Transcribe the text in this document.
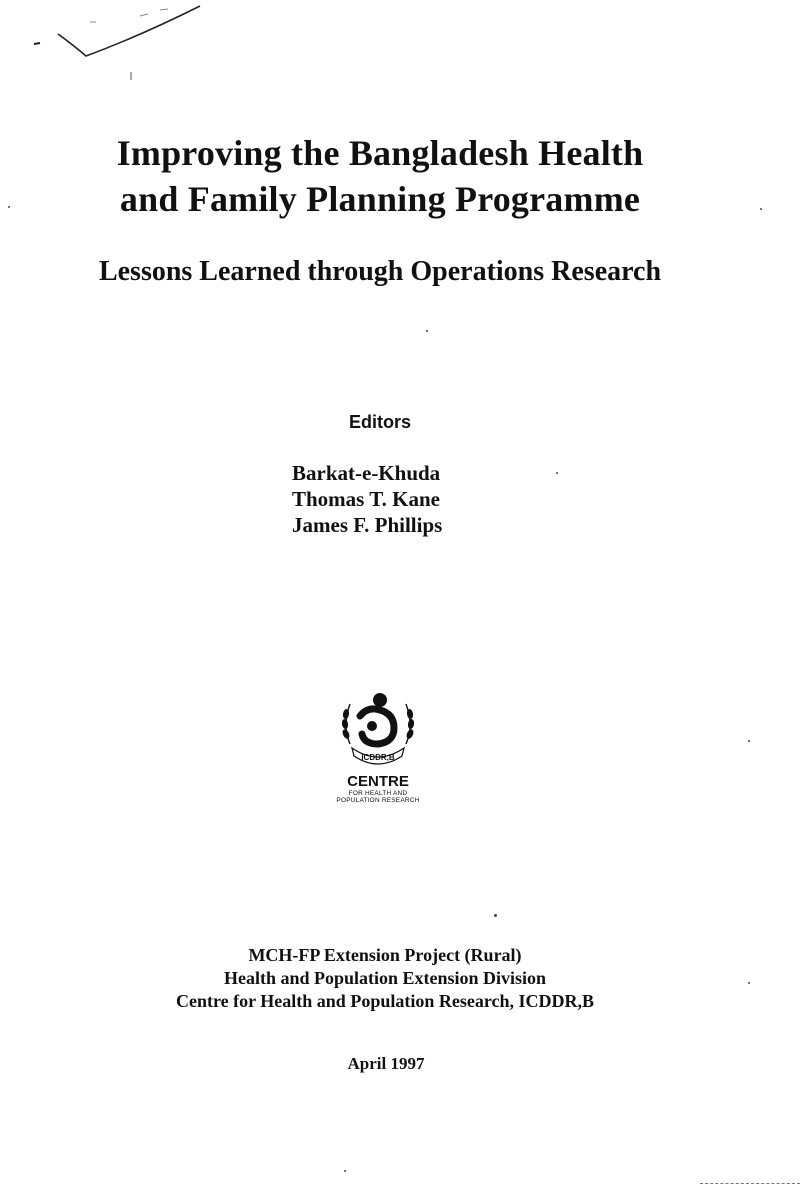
Improving the Bangladesh Health
and Family Planning Programme
Lessons Learned through Operations Research
Editors
Barkat-e-Khuda
Thomas T. Kane
James F. Phillips
ICDDR,B
CENTRE
FOR HEALTH AND
POPULATION RESEARCH
MCH-FP Extension Project (Rural)
Health and Population Extension Division
Centre for Health and Population Research, ICDDR,B
April 1997
